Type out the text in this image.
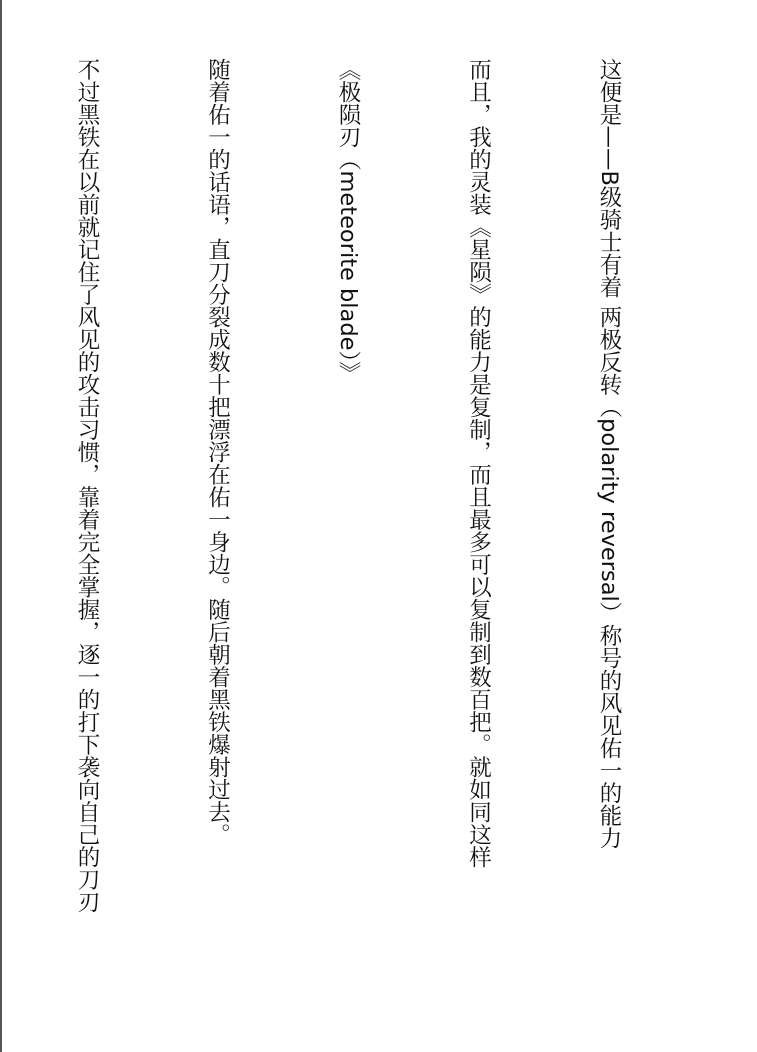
这便是——B级骑士有着 两极反转（polarity reversal）称号的风见佑一的能力

而且，我的灵装《星陨》的能力是复制，而且最多可以复制到数百把。就如同这样

《极陨刃（meteorite blade）》

随着佑一的话语，直刀分裂成数十把漂浮在佑一身边。随后朝着黑铁爆射过去。

不过黑铁在以前就记住了风见的攻击习惯，靠着完全掌握，逐一的打下袭向自己的刀刃
